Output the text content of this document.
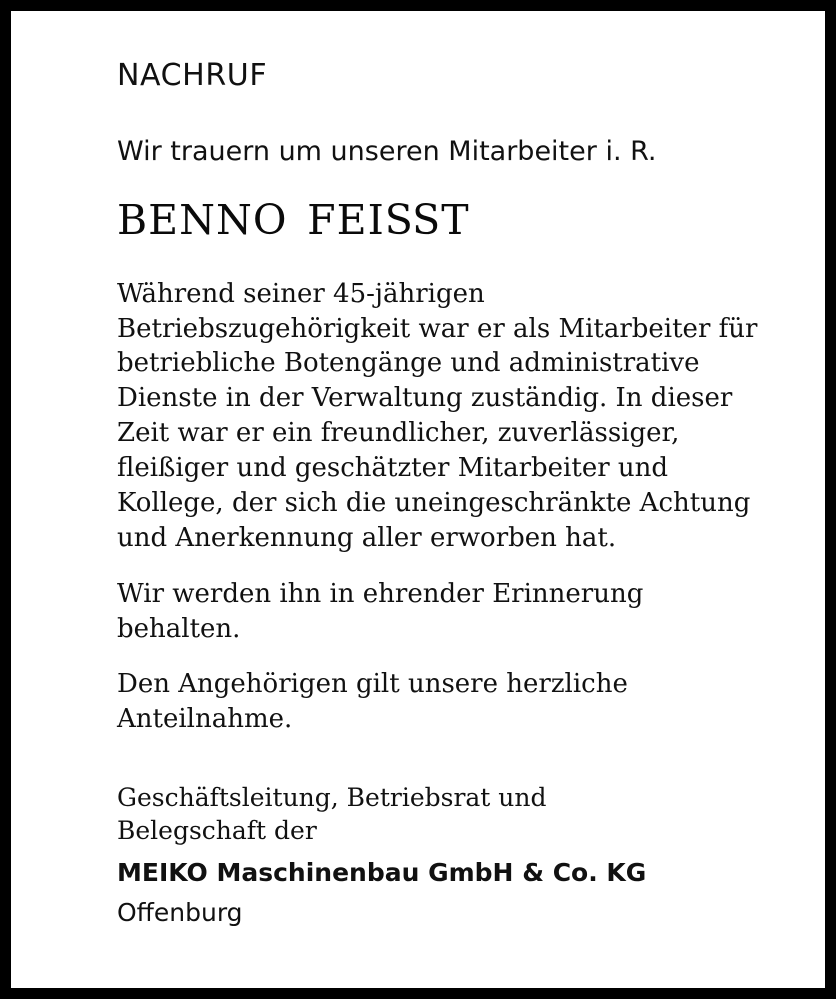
NACHRUF
Wir trauern um unseren Mitarbeiter i. R.
benno feißt

Während seiner 45-jährigen Betriebszugehörigkeit war er als Mitarbeiter für betriebliche Botengänge und administrative Dienste in der Verwaltung zuständig. In dieser Zeit war er ein freundlicher, zuverlässiger, fleißiger und geschätzter Mitarbeiter und Kollege, der sich die uneingeschränkte Achtung und Anerkennung aller erworben hat.

Wir werden ihn in ehrender Erinnerung behalten.

Den Angehörigen gilt unsere herzliche Anteilnahme.

Geschäftsleitung, Betriebsrat und
Belegschaft der
MEIKO Maschinenbau GmbH & Co. KG
Offenburg
